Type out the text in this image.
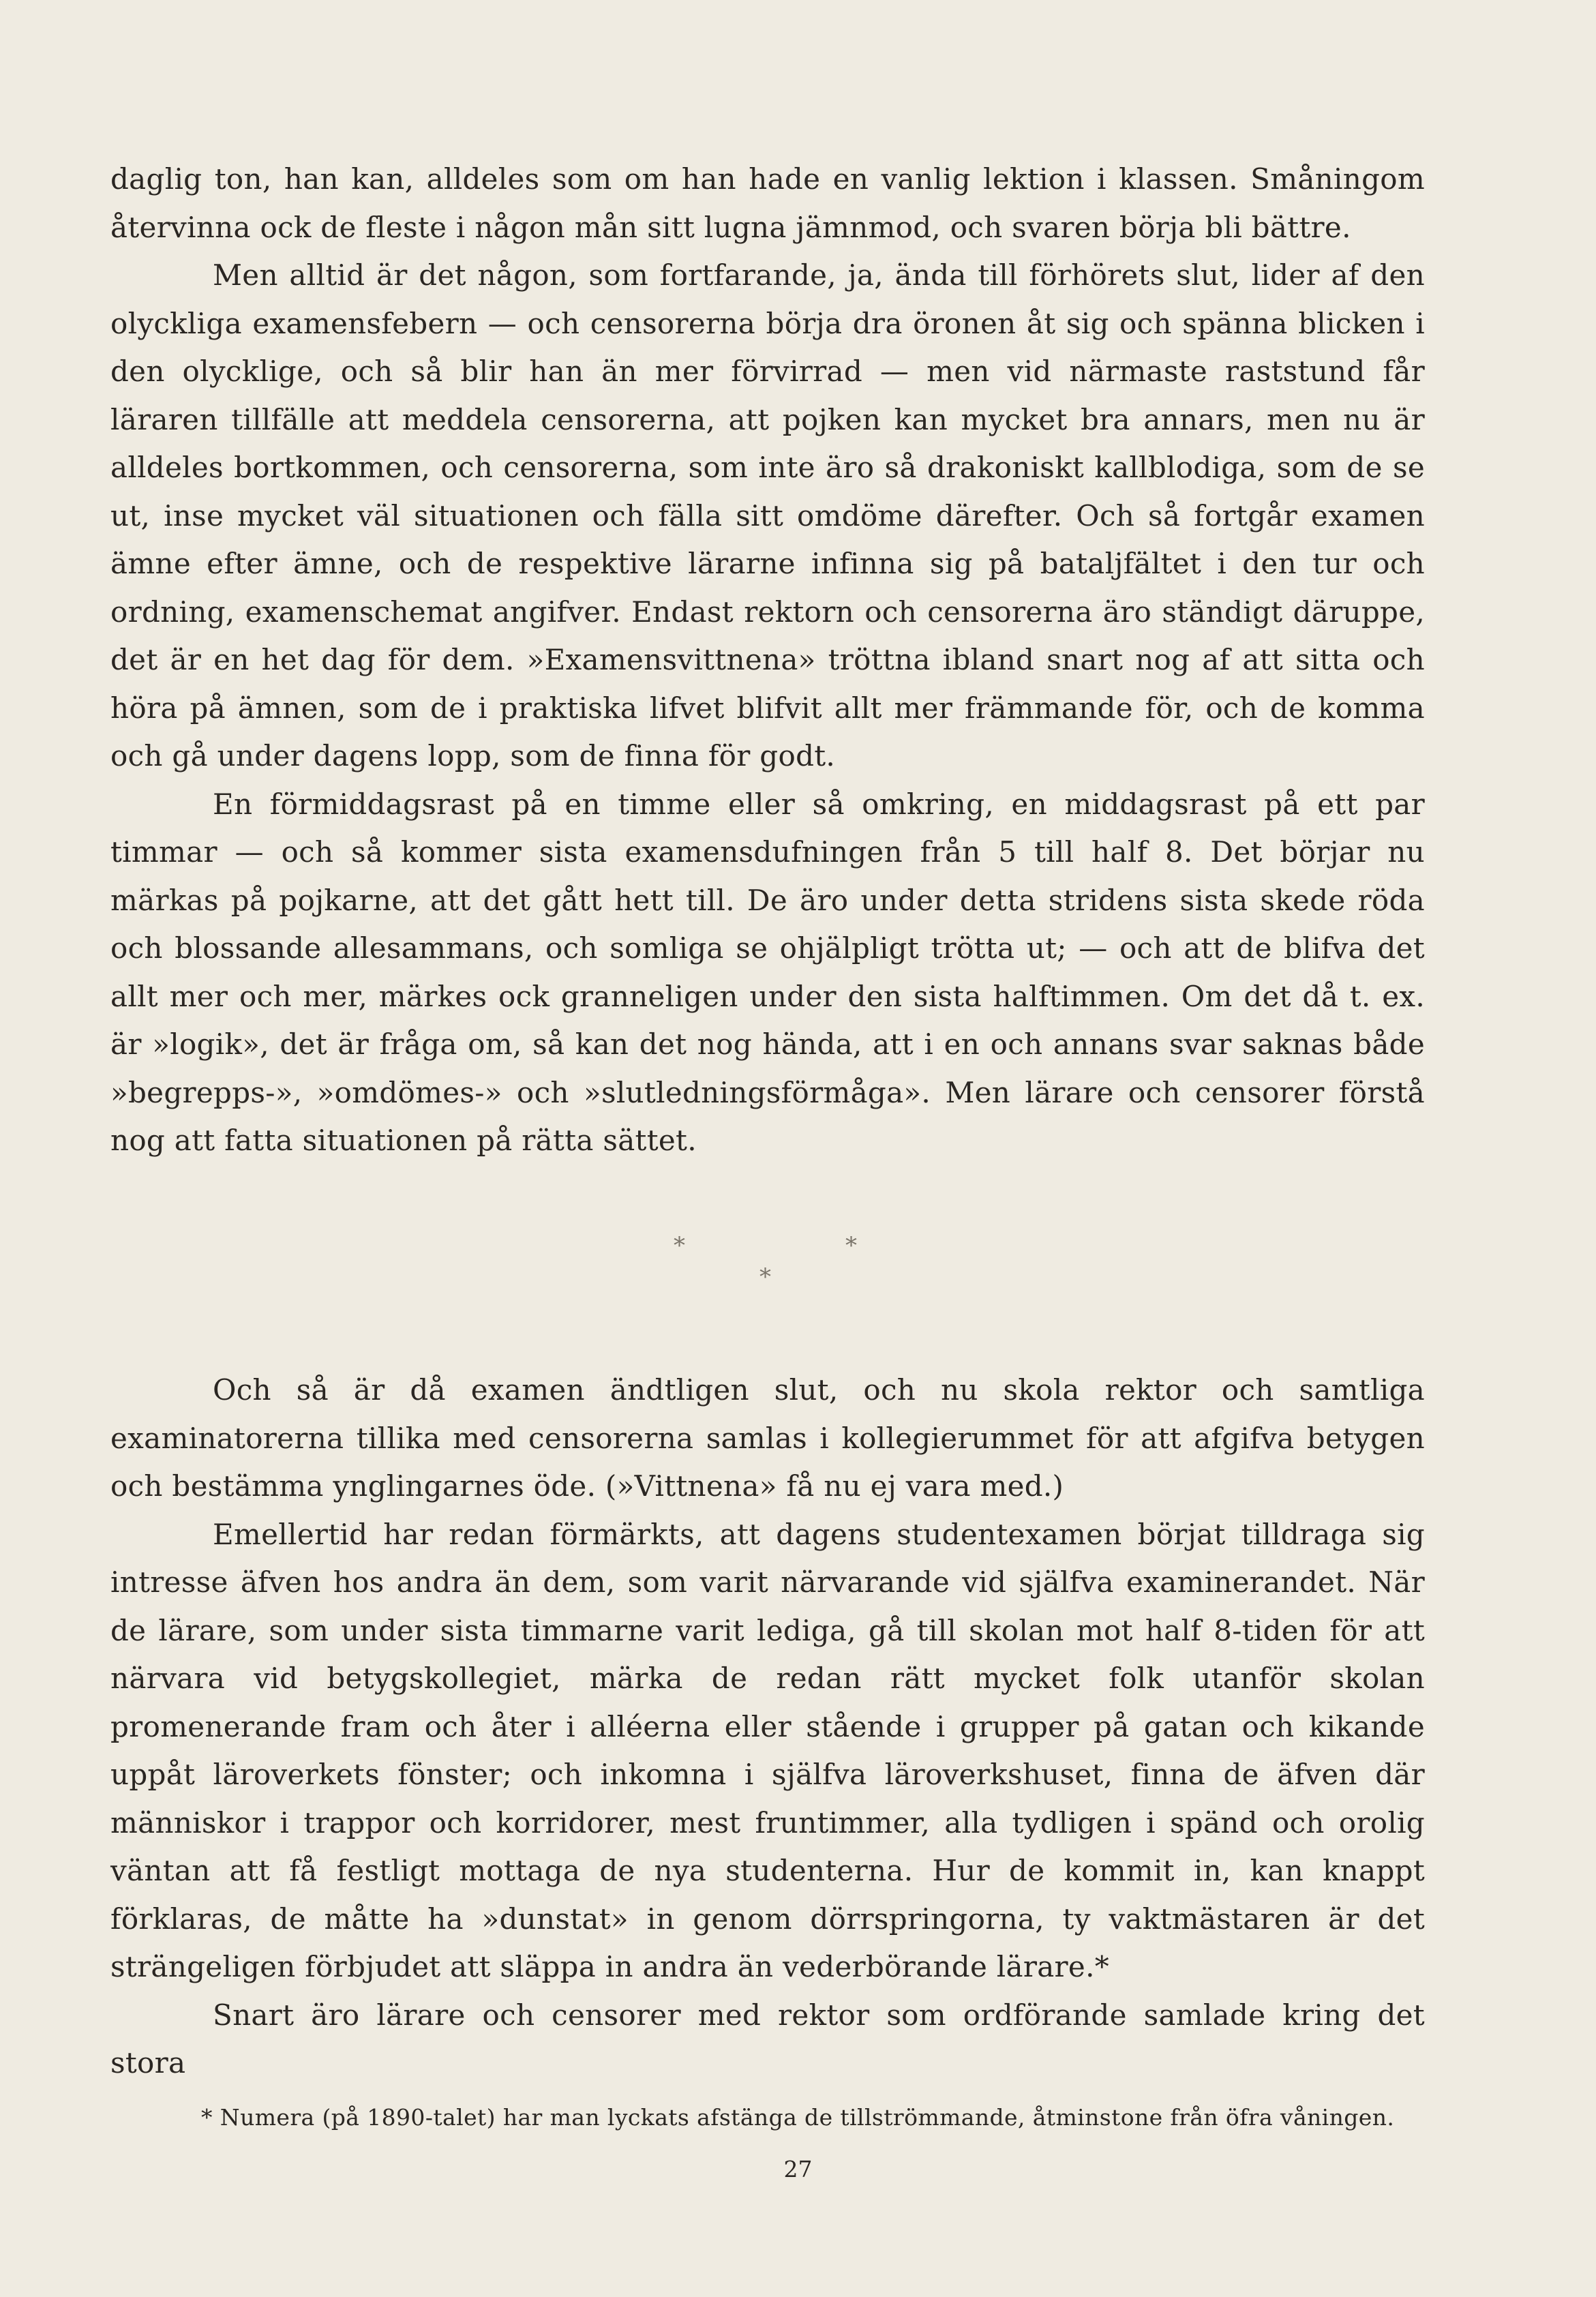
daglig ton, han kan, alldeles som om han hade en vanlig lektion i klassen. Småningom återvinna ock de fleste i någon mån sitt lugna jämnmod, och svaren börja bli bättre.

Men alltid är det någon, som fortfarande, ja, ända till förhörets slut, lider af den olyckliga examensfebern — och censorerna börja dra öronen åt sig och spänna blicken i den olycklige, och så blir han än mer förvirrad — men vid närmaste raststund får läraren tillfälle att meddela censorerna, att pojken kan mycket bra annars, men nu är alldeles bortkommen, och censorerna, som inte äro så drakoniskt kallblodiga, som de se ut, inse mycket väl situationen och fälla sitt omdöme därefter. Och så fortgår examen ämne efter ämne, och de respektive lärarne infinna sig på bataljfältet i den tur och ordning, examenschemat angifver. Endast rektorn och censorerna äro ständigt däruppe, det är en het dag för dem. »Examensvittnena» tröttna ibland snart nog af att sitta och höra på ämnen, som de i praktiska lifvet blifvit allt mer främmande för, och de komma och gå under dagens lopp, som de finna för godt.

En förmiddagsrast på en timme eller så omkring, en middagsrast på ett par timmar — och så kommer sista examensdufningen från 5 till half 8. Det börjar nu märkas på pojkarne, att det gått hett till. De äro under detta stridens sista skede röda och blossande allesammans, och somliga se ohjälpligt trötta ut; — och att de blifva det allt mer och mer, märkes ock granneligen under den sista halftimmen. Om det då t. ex. är »logik», det är fråga om, så kan det nog hända, att i en och annans svar saknas både »begrepps-», »omdömes-» och »slutledningsförmåga». Men lärare och censorer förstå nog att fatta situationen på rätta sättet.

*	*
*

Och så är då examen ändtligen slut, och nu skola rektor och samtliga examinatorerna tillika med censorerna samlas i kollegierummet för att afgifva betygen och bestämma ynglingarnes öde. (»Vittnena» få nu ej vara med.)

Emellertid har redan förmärkts, att dagens studentexamen börjat tilldraga sig intresse äfven hos andra än dem, som varit närvarande vid själfva examinerandet. När de lärare, som under sista timmarne varit lediga, gå till skolan mot half 8-tiden för att närvara vid betygskollegiet, märka de redan rätt mycket folk utanför skolan promenerande fram och åter i alléerna eller stående i grupper på gatan och kikande uppåt läroverkets fönster; och inkomna i själfva läroverkshuset, finna de äfven där människor i trappor och korridorer, mest fruntimmer, alla tydligen i spänd och orolig väntan att få festligt mottaga de nya studenterna. Hur de kommit in, kan knappt förklaras, de måtte ha »dunstat» in genom dörrspringorna, ty vaktmästaren är det strängeligen förbjudet att släppa in andra än vederbörande lärare.*

Snart äro lärare och censorer med rektor som ordförande samlade kring det stora

* Numera (på 1890-talet) har man lyckats afstänga de tillströmmande, åtminstone från öfra våningen.
27
